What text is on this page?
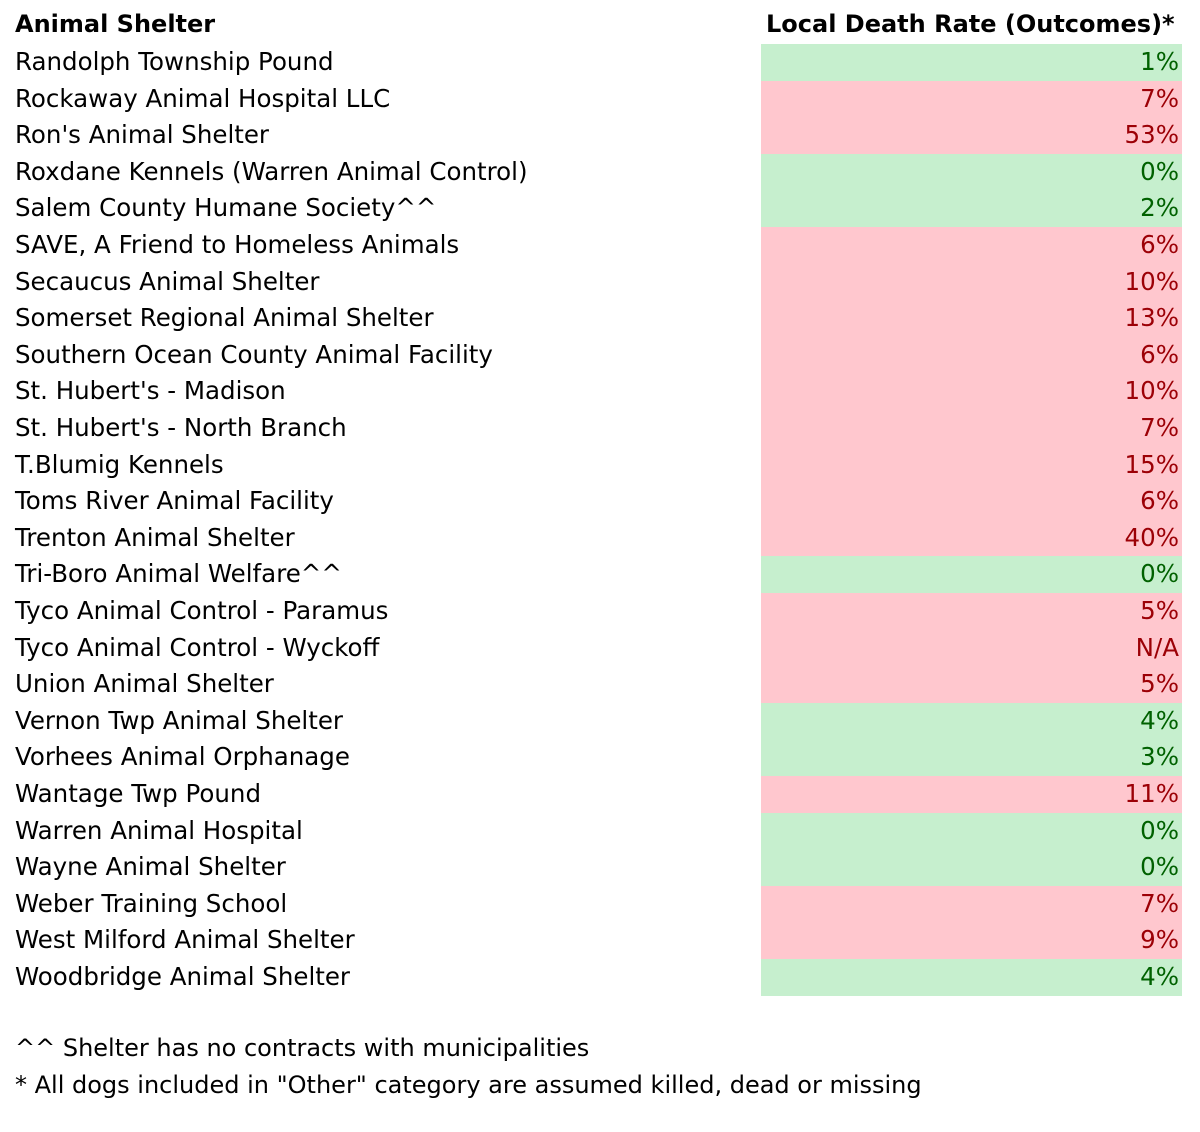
Animal Shelter	Local Death Rate (Outcomes)*
Randolph Township Pound	1%
Rockaway Animal Hospital LLC	7%
Ron's Animal Shelter	53%
Roxdane Kennels (Warren Animal Control)	0%
Salem County Humane Society^^	2%
SAVE, A Friend to Homeless Animals	6%
Secaucus Animal Shelter	10%
Somerset Regional Animal Shelter	13%
Southern Ocean County Animal Facility	6%
St. Hubert's - Madison	10%
St. Hubert's - North Branch	7%
T.Blumig Kennels	15%
Toms River Animal Facility	6%
Trenton Animal Shelter	40%
Tri-Boro Animal Welfare^^	0%
Tyco Animal Control - Paramus	5%
Tyco Animal Control - Wyckoff	N/A
Union Animal Shelter	5%
Vernon Twp Animal Shelter	4%
Vorhees Animal Orphanage	3%
Wantage Twp Pound	11%
Warren Animal Hospital	0%
Wayne Animal Shelter	0%
Weber Training School	7%
West Milford Animal Shelter	9%
Woodbridge Animal Shelter	4%
^^ Shelter has no contracts with municipalities
* All dogs included in "Other" category are assumed killed, dead or missing
